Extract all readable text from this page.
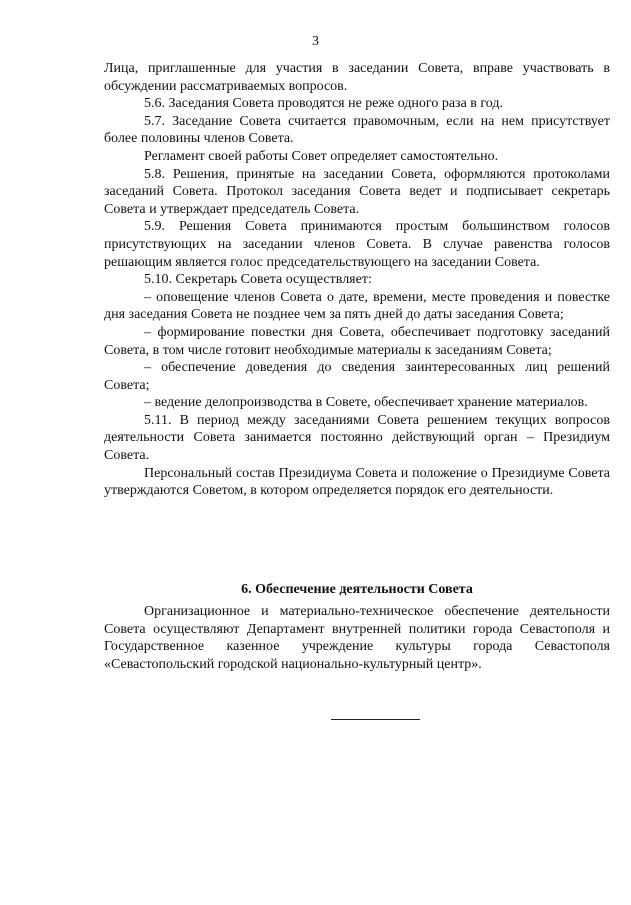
3

Лица, приглашенные для участия в заседании Совета, вправе участвовать в обсуждении рассматриваемых вопросов.

5.6. Заседания Совета проводятся не реже одного раза в год.

5.7. Заседание Совета считается правомочным, если на нем присутствует более половины членов Совета.

Регламент своей работы Совет определяет самостоятельно.

5.8. Решения, принятые на заседании Совета, оформляются протоколами заседаний Совета. Протокол заседания Совета ведет и подписывает секретарь Совета и утверждает председатель Совета.

5.9. Решения Совета принимаются простым большинством голосов присутствующих на заседании членов Совета. В случае равенства голосов решающим является голос председательствующего на заседании Совета.

5.10. Секретарь Совета осуществляет:

– оповещение членов Совета о дате, времени, месте проведения и повестке дня заседания Совета не позднее чем за пять дней до даты заседания Совета;

– формирование повестки дня Совета, обеспечивает подготовку заседаний Совета, в том числе готовит необходимые материалы к заседаниям Совета;

– обеспечение доведения до сведения заинтересованных лиц решений Совета;

– ведение делопроизводства в Совете, обеспечивает хранение материалов.

5.11. В период между заседаниями Совета решением текущих вопросов деятельности Совета занимается постоянно действующий орган – Президиум Совета.

Персональный состав Президиума Совета и положение о Президиуме Совета утверждаются Советом, в котором определяется порядок его деятельности.

6. Обеспечение деятельности Совета

Организационное и материально-техническое обеспечение деятельности Совета осуществляют Департамент внутренней политики города Севастополя и Государственное казенное учреждение культуры города Севастополя «Севастопольский городской национально-культурный центр».
